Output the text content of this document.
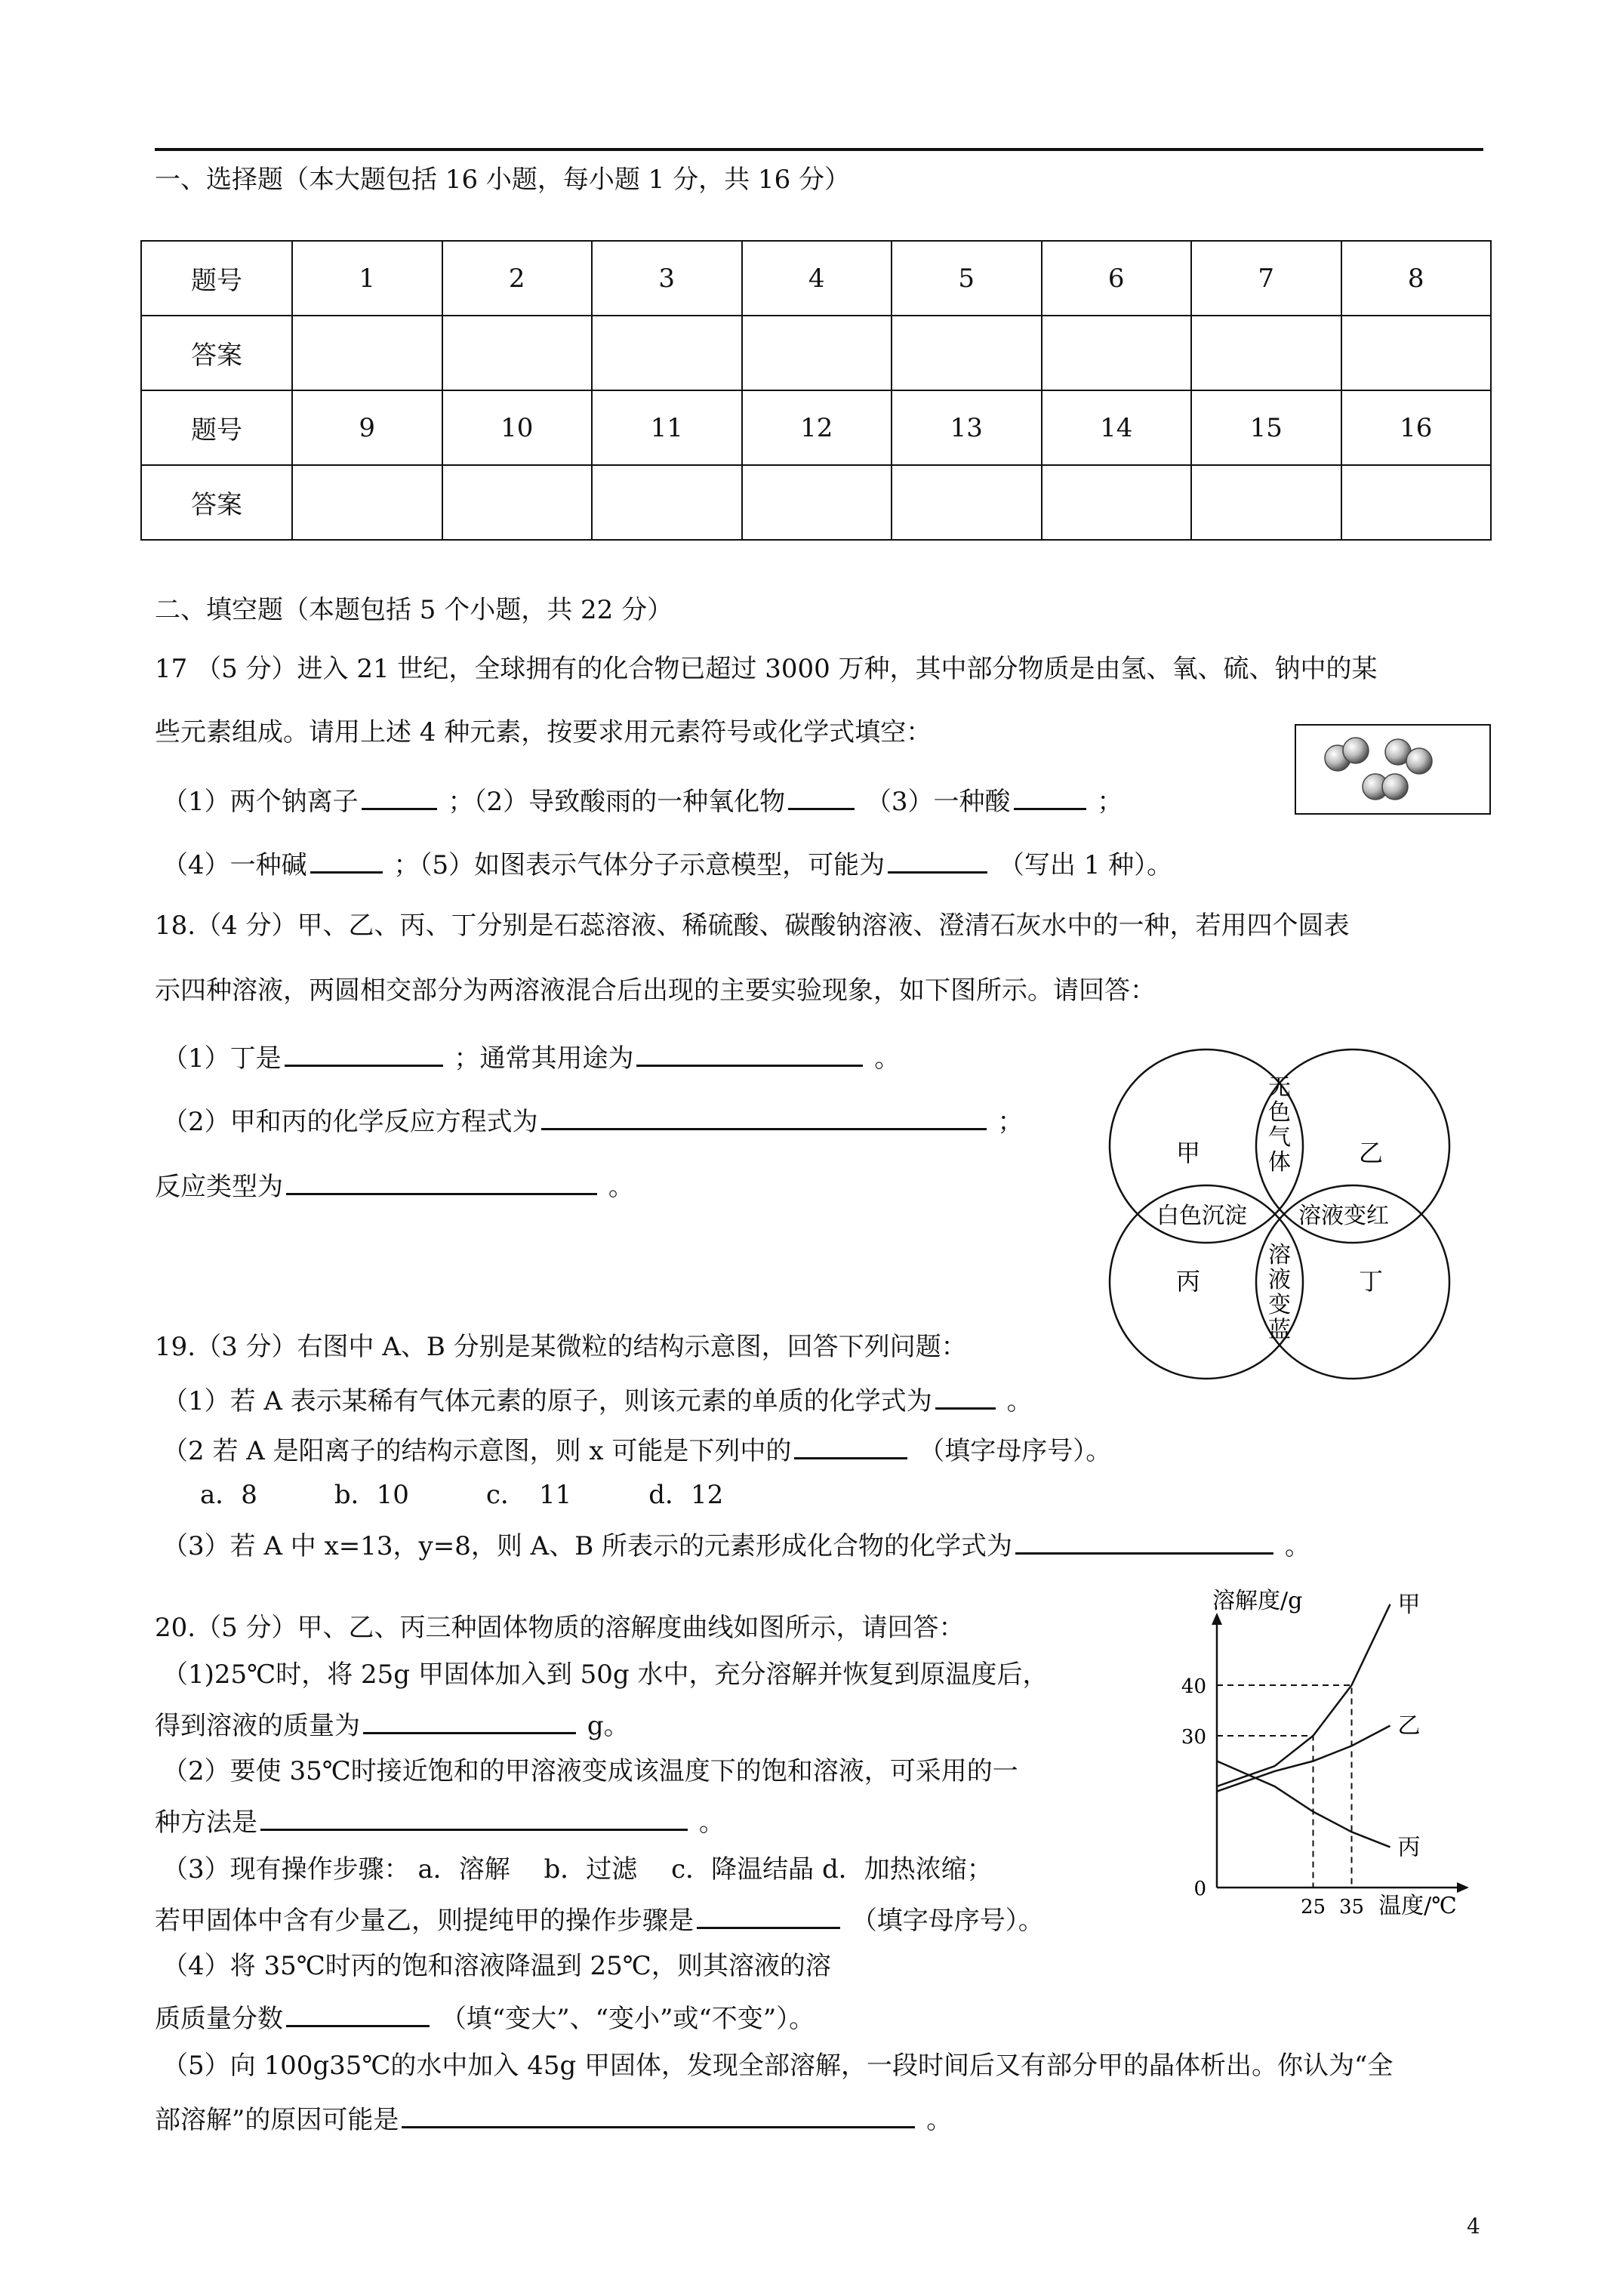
一、选择题（本大题包括 16 小题，每小题 1 分，共 16 分）
题号	1	2	3	4	5	6	7	8
答案								
题号	9	10	11	12	13	14	15	16
答案								
二、填空题（本题包括 5 个小题，共 22 分）
17 （5 分）进入 21 世纪，全球拥有的化合物已超过 3000 万种，其中部分物质是由氢、氧、硫、钠中的某
些元素组成。请用上述 4 种元素，按要求用元素符号或化学式填空：
（1）两个钠离子	；（2）导致酸雨的一种氧化物	（3）一种酸	；
（4）一种碱	；（5）如图表示气体分子示意模型，可能为	（写出 1 种）。
18.（4 分）甲、乙、丙、丁分别是石蕊溶液、稀硫酸、碳酸钠溶液、澄清石灰水中的一种，若用四个圆表
示四种溶液，两圆相交部分为两溶液混合后出现的主要实验现象，如下图所示。请回答：
（1）丁是	；通常其用途为	。
（2）甲和丙的化学反应方程式为	；
反应类型为	。
甲	乙
丙	丁
无
色
气
体
白色沉淀 溶液变红
溶
液
变
蓝
19.（3 分）右图中 A、B 分别是某微粒的结构示意图，回答下列问题：
（1）若 A 表示某稀有气体元素的原子，则该元素的单质的化学式为	。
（2 若 A 是阳离子的结构示意图，则 x 可能是下列中的	（填字母序号）。
a．8　　　b．10　　　c．　11　　　d．12
（3）若 A 中 x=13，y=8，则 A、B 所表示的元素形成化合物的化学式为	。
20.（5 分）甲、乙、丙三种固体物质的溶解度曲线如图所示，请回答：
（1)25℃时，将 25g 甲固体加入到 50g 水中，充分溶解并恢复到原温度后，
得到溶液的质量为	g。
（2）要使 35℃时接近饱和的甲溶液变成该温度下的饱和溶液，可采用的一
种方法是	。
（3）现有操作步骤： a．溶解　 b．过滤　 c．降温结晶 d．加热浓缩；
若甲固体中含有少量乙，则提纯甲的操作步骤是	（填字母序号）。
（4）将 35℃时丙的饱和溶液降温到 25℃，则其溶液的溶
质质量分数	（填“变大”、“变小”或“不变”）。
（5）向 100g35℃的水中加入 45g 甲固体，发现全部溶解，一段时间后又有部分甲的晶体析出。你认为“全
部溶解”的原因可能是	。
甲
乙
丙
0
30
40
25 35
溶解度/g
温度/℃
4
